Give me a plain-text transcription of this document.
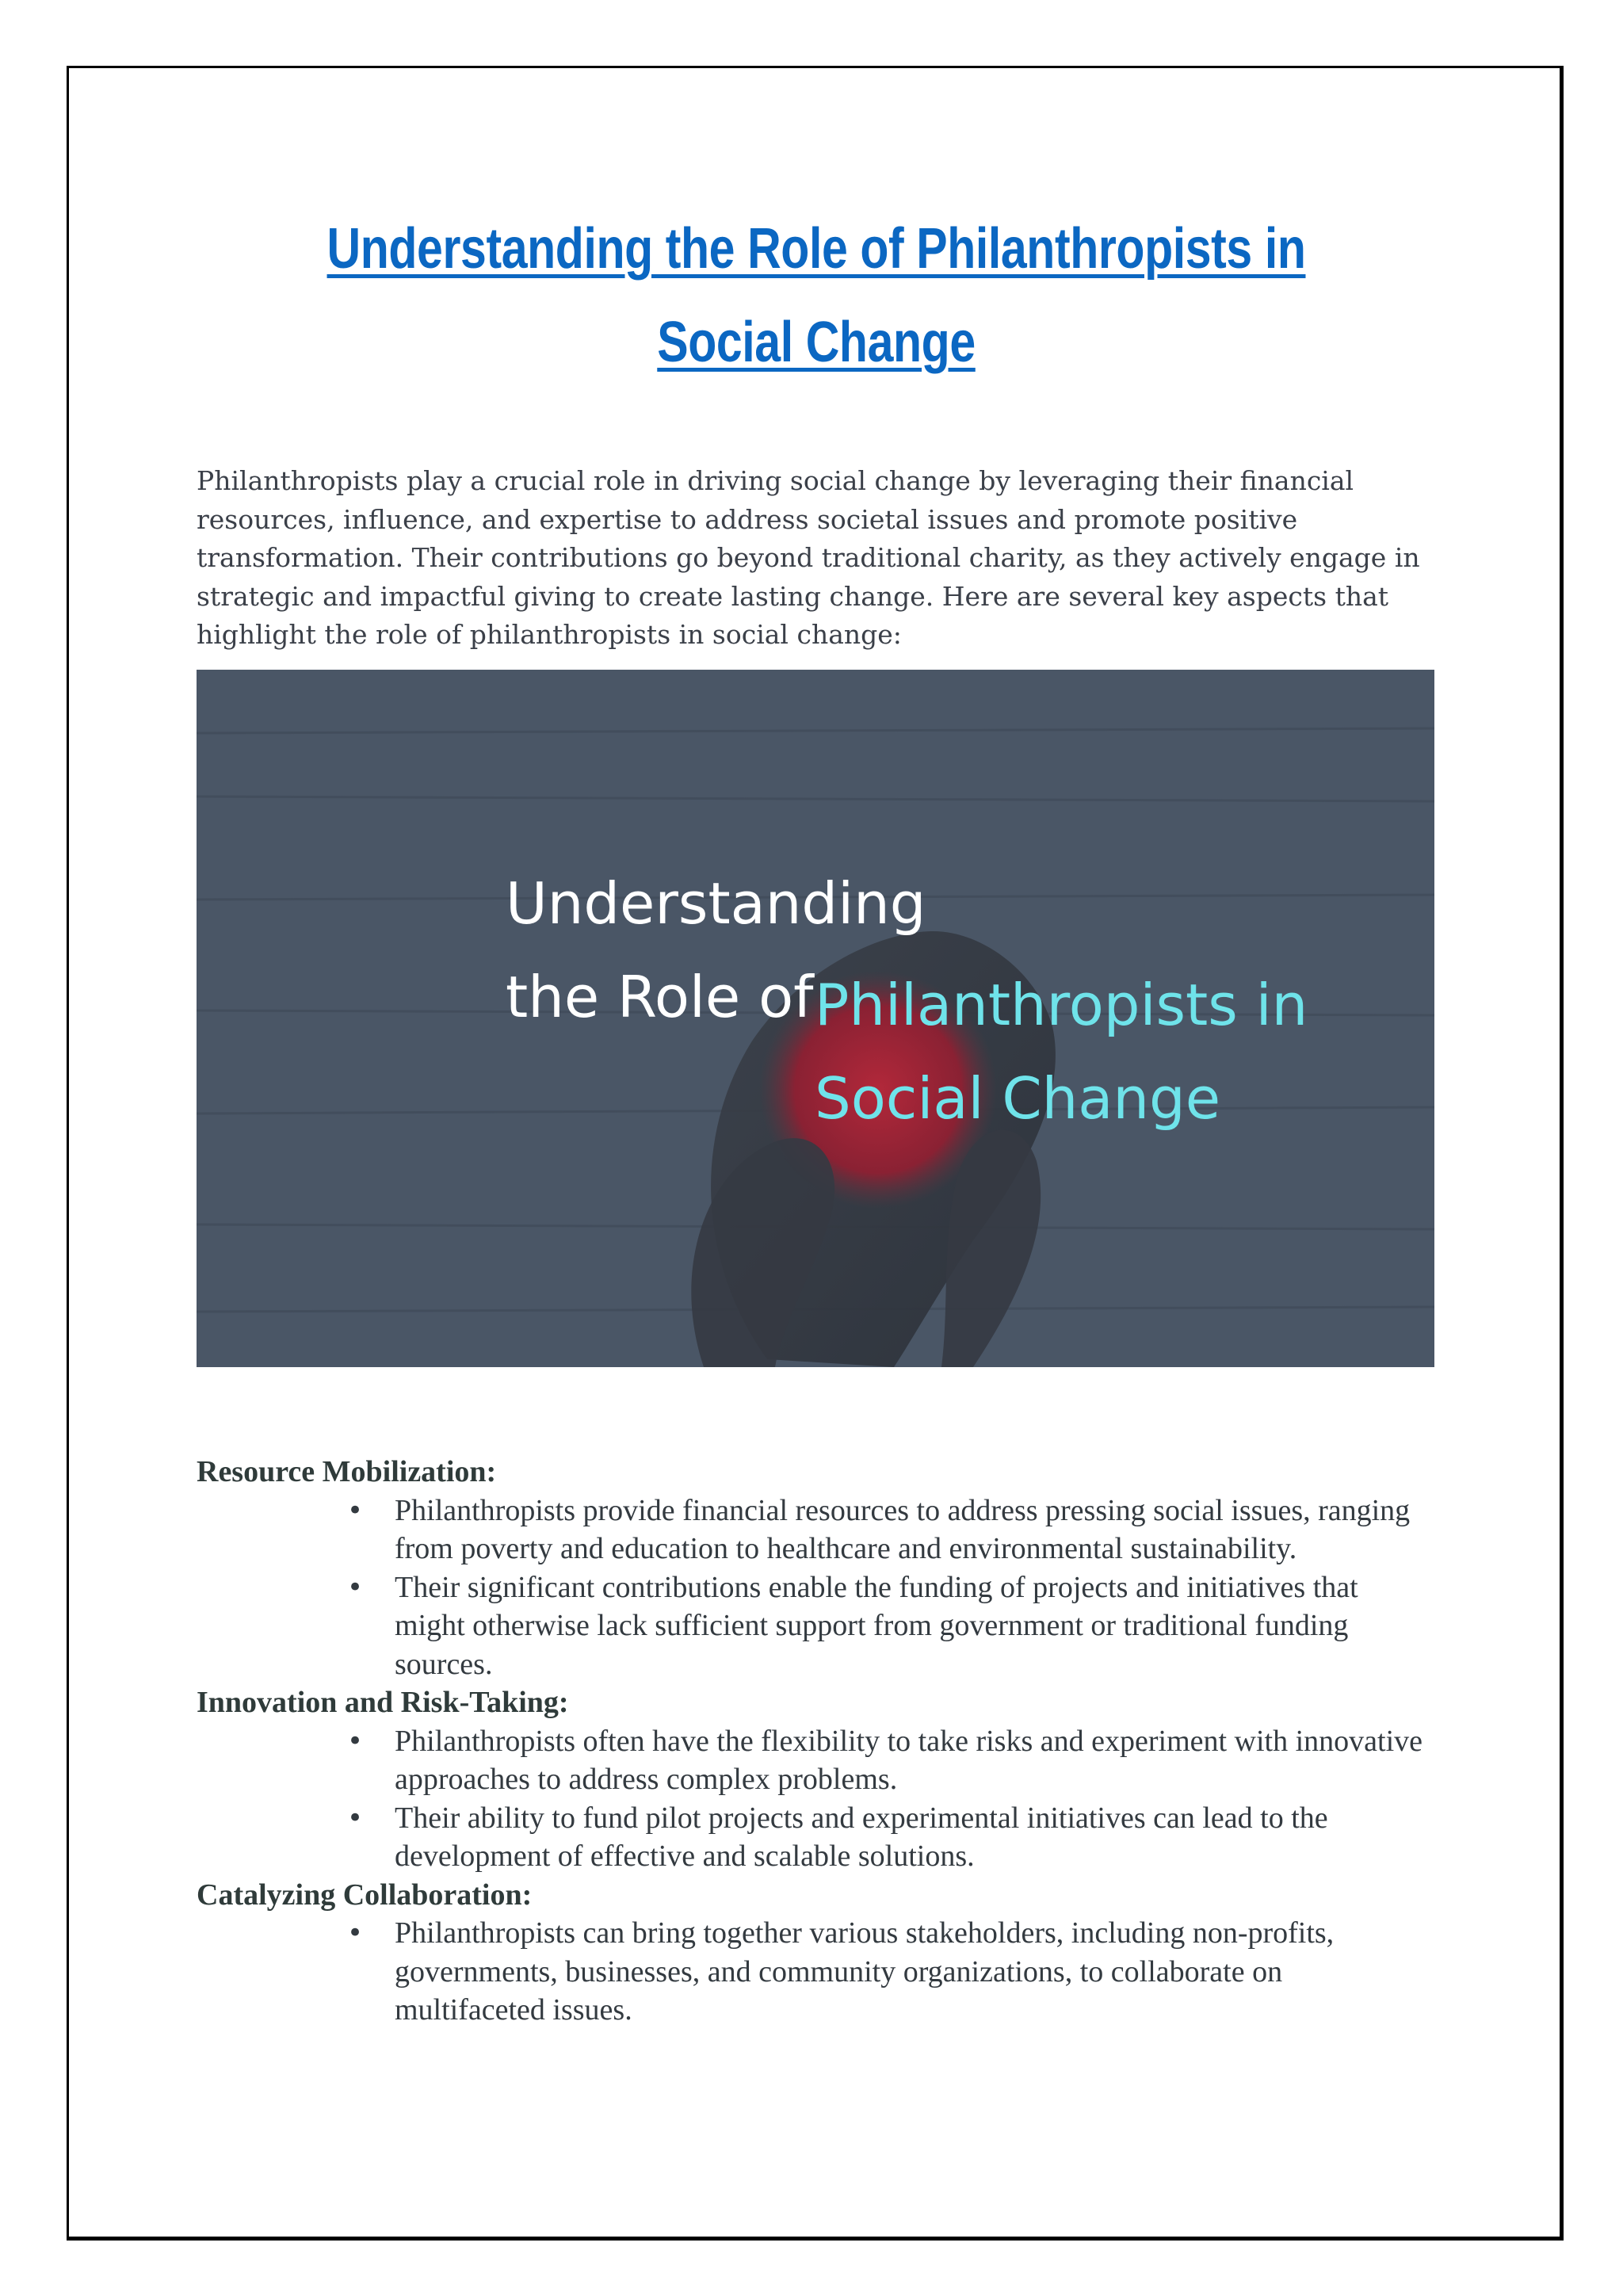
Understanding the Role of Philanthropists in Social Change

Philanthropists play a crucial role in driving social change by leveraging their financial resources, influence, and expertise to address societal issues and promote positive transformation. Their contributions go beyond traditional charity, as they actively engage in strategic and impactful giving to create lasting change. Here are several key aspects that highlight the role of philanthropists in social change:

Understanding
the Role of Philanthropists in
Social Change

Resource Mobilization:

• Philanthropists provide financial resources to address pressing social issues, ranging from poverty and education to healthcare and environmental sustainability.
• Their significant contributions enable the funding of projects and initiatives that might otherwise lack sufficient support from government or traditional funding sources.

Innovation and Risk-Taking:

• Philanthropists often have the flexibility to take risks and experiment with innovative approaches to address complex problems.
• Their ability to fund pilot projects and experimental initiatives can lead to the development of effective and scalable solutions.

Catalyzing Collaboration:

• Philanthropists can bring together various stakeholders, including non-profits, governments, businesses, and community organizations, to collaborate on multifaceted issues.
